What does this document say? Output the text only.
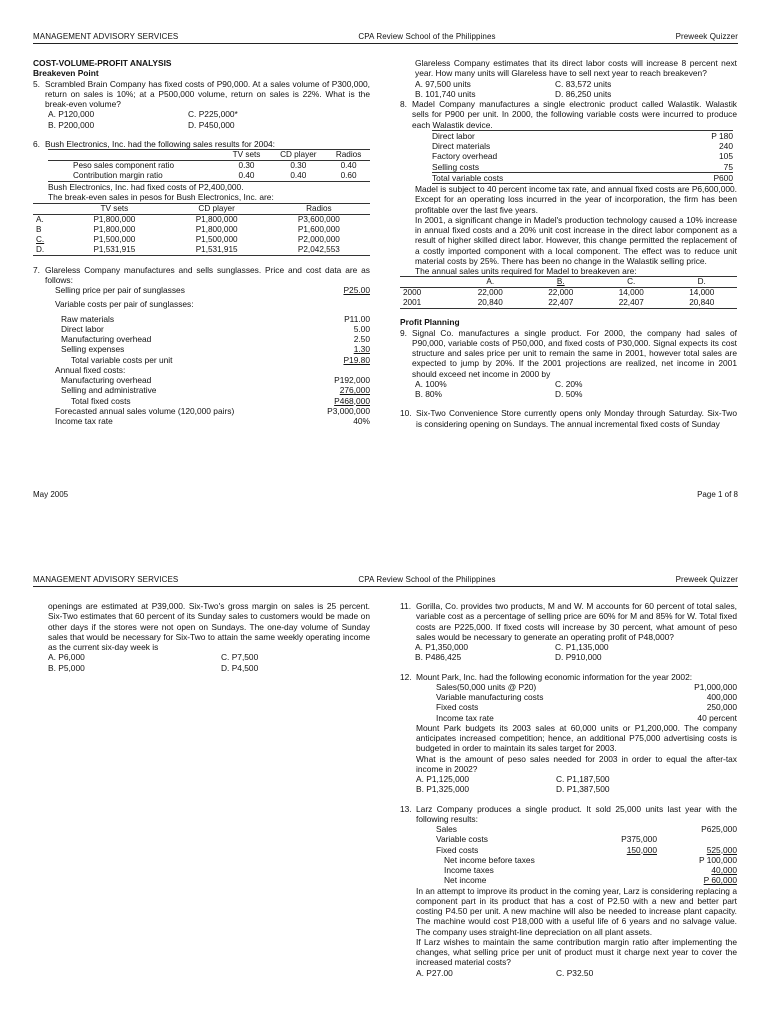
MANAGEMENT ADVISORY SERVICES	CPA Review School of the Philippines	Preweek Quizzer
COST-VOLUME-PROFIT ANALYSIS
Breakeven Point
5. Scrambled Brain Company has fixed costs of P90,000. At a sales volume of P300,000, return on sales is 10%; at a P500,000 volume, return on sales is 22%. What is the break-even volume?
A. P120,000	C. P225,000*
B. P200,000	D. P450,000
6. Bush Electronics, Inc. had the following sales results for 2004:
	TV sets	CD player	Radios
Peso sales component ratio	0.30	0.30	0.40
Contribution margin ratio	0.40	0.40	0.60
Bush Electronics, Inc. had fixed costs of P2,400,000.
The break-even sales in pesos for Bush Electronics, Inc. are:
	TV sets	CD player	Radios
A.	P1,800,000	P1,800,000	P3,600,000
B	P1,800,000	P1,800,000	P1,600,000
C.	P1,500,000	P1,500,000	P2,000,000
D.	P1,531,915	P1,531,915	P2,042,553
7. Glareless Company manufactures and sells sunglasses. Price and cost data are as follows:
Selling price per pair of sunglasses	P25.00
Variable costs per pair of sunglasses:
Raw materials	P11.00
Direct labor	5.00
Manufacturing overhead	2.50
Selling expenses	1.30
Total variable costs per unit	P19.80
Annual fixed costs:
Manufacturing overhead	P192,000
Selling and administrative	276,000
Total fixed costs	P468,000
Forecasted annual sales volume (120,000 pairs)	P3,000,000
Income tax rate	40%
Glareless Company estimates that its direct labor costs will increase 8 percent next year. How many units will Glareless have to sell next year to reach breakeven?
A. 97,500 units	C. 83,572 units
B. 101,740 units	D. 86,250 units
8. Madel Company manufactures a single electronic product called Walastik. Walastik sells for P900 per unit. In 2000, the following variable costs were incurred to produce each Walastik device.
Direct labor	P 180
Direct materials	240
Factory overhead	105
Selling costs	75
Total variable costs	P600
Madel is subject to 40 percent income tax rate, and annual fixed costs are P6,600,000. Except for an operating loss incurred in the year of incorporation, the firm has been profitable over the last five years.
In 2001, a significant change in Madel's production technology caused a 10% increase in annual fixed costs and a 20% unit cost increase in the direct labor component as a result of higher skilled direct labor. However, this change permitted the replacement of a costly imported component with a local component. The effect was to reduce unit material costs by 25%. There has been no change in the Walastik selling price.
The annual sales units required for Madel to breakeven are:
	A.	B.	C.	D.
2000	22,000	22,000	14,000	14,000
2001	20,840	22,407	22,407	20,840
Profit Planning
9. Signal Co. manufactures a single product. For 2000, the company had sales of P90,000, variable costs of P50,000, and fixed costs of P30,000. Signal expects its cost structure and sales price per unit to remain the same in 2001, however total sales are expected to jump by 20%. If the 2001 projections are realized, net income in 2001 should exceed net income in 2000 by
A. 100%	C. 20%
B. 80%	D. 50%
10. Six-Two Convenience Store currently opens only Monday through Saturday. Six-Two is considering opening on Sundays. The annual incremental fixed costs of Sunday
May 2005	Page 1 of 8
MANAGEMENT ADVISORY SERVICES	CPA Review School of the Philippines	Preweek Quizzer
openings are estimated at P39,000. Six-Two's gross margin on sales is 25 percent. Six-Two estimates that 60 percent of its Sunday sales to customers would be made on other days if the stores were not open on Sundays. The one-day volume of Sunday sales that would be necessary for Six-Two to attain the same weekly operating income as the current six-day week is
A. P6,000	C. P7,500
B. P5,000	D. P4,500
11. Gorilla, Co. provides two products, M and W. M accounts for 60 percent of total sales, variable cost as a percentage of selling price are 60% for M and 85% for W. Total fixed costs are P225,000. If fixed costs will increase by 30 percent, what amount of peso sales would be necessary to generate an operating profit of P48,000?
A. P1,350,000	C. P1,135,000
B. P486,425	D. P910,000
12. Mount Park, Inc. had the following economic information for the year 2002:
Sales(50,000 units @ P20)	P1,000,000
Variable manufacturing costs	400,000
Fixed costs	250,000
Income tax rate	40 percent
Mount Park budgets its 2003 sales at 60,000 units or P1,200,000. The company anticipates increased competition; hence, an additional P75,000 advertising costs is budgeted in order to maintain its sales target for 2003.
What is the amount of peso sales needed for 2003 in order to equal the after-tax income in 2002?
A. P1,125,000	C. P1,187,500
B. P1,325,000	D. P1,387,500
13. Larz Company produces a single product. It sold 25,000 units last year with the following results:
Sales	P625,000
Variable costs	P375,000
Fixed costs	150,000	525,000
Net income before taxes	P 100,000
Income taxes	40,000
Net income	P 60,000
In an attempt to improve its product in the coming year, Larz is considering replacing a component part in its product that has a cost of P2.50 with a new and better part costing P4.50 per unit. A new machine will also be needed to increase plant capacity. The machine would cost P18,000 with a useful life of 6 years and no salvage value. The company uses straight-line depreciation on all plant assets.
If Larz wishes to maintain the same contribution margin ratio after implementing the changes, what selling price per unit of product must it charge next year to cover the increased material costs?
A. P27.00	C. P32.50
